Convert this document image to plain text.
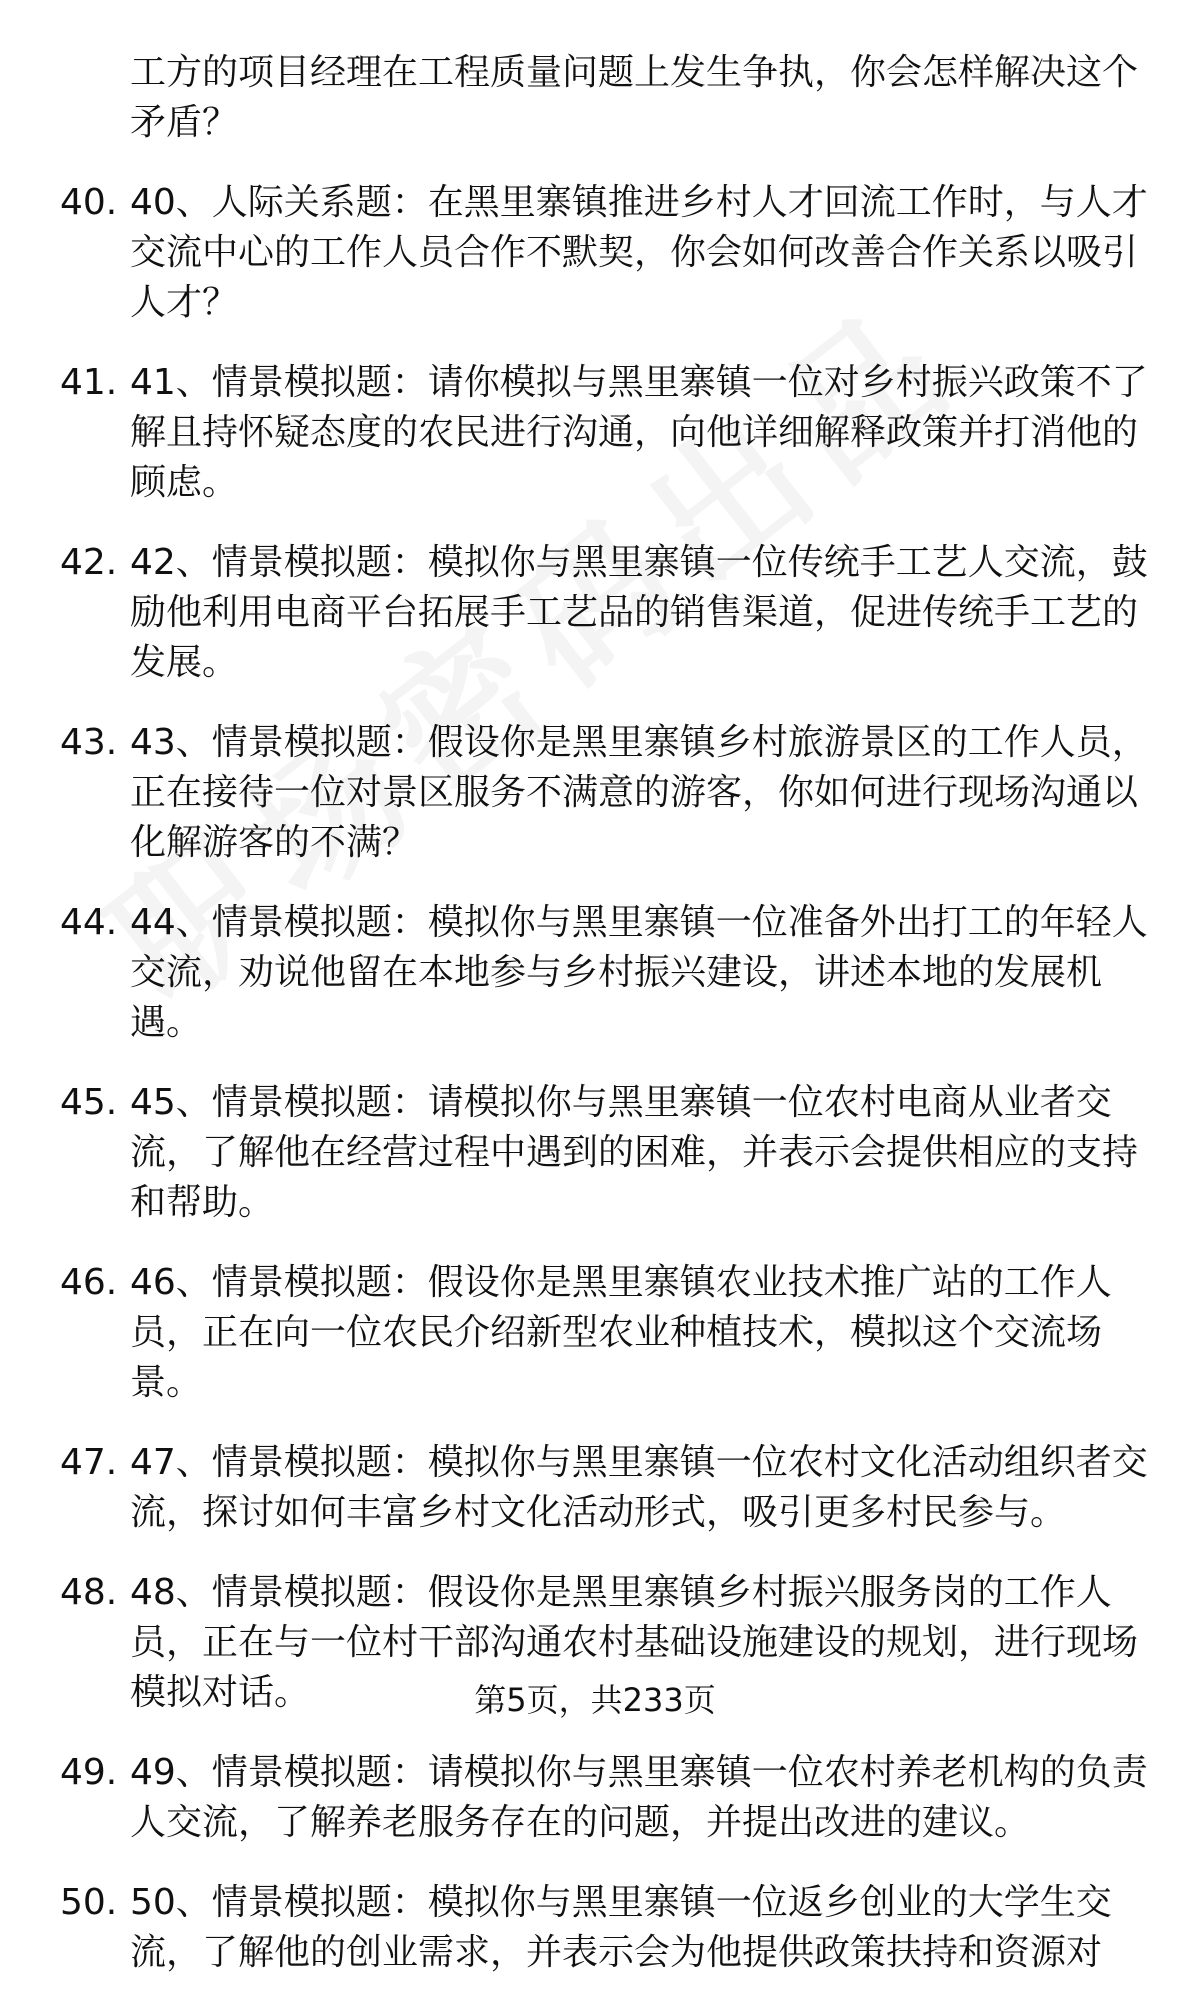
工方的项目经理在工程质量问题上发生争执，你会怎样解决这个矛盾？
40. 40、人际关系题：在黑里寨镇推进乡村人才回流工作时，与人才交流中心的工作人员合作不默契，你会如何改善合作关系以吸引人才？
41. 41、情景模拟题：请你模拟与黑里寨镇一位对乡村振兴政策不了解且持怀疑态度的农民进行沟通，向他详细解释政策并打消他的顾虑。
42. 42、情景模拟题：模拟你与黑里寨镇一位传统手工艺人交流，鼓励他利用电商平台拓展手工艺品的销售渠道，促进传统手工艺的发展。
43. 43、情景模拟题：假设你是黑里寨镇乡村旅游景区的工作人员，正在接待一位对景区服务不满意的游客，你如何进行现场沟通以化解游客的不满？
44. 44、情景模拟题：模拟你与黑里寨镇一位准备外出打工的年轻人交流，劝说他留在本地参与乡村振兴建设，讲述本地的发展机遇。
45. 45、情景模拟题：请模拟你与黑里寨镇一位农村电商从业者交流，了解他在经营过程中遇到的困难，并表示会提供相应的支持和帮助。
46. 46、情景模拟题：假设你是黑里寨镇农业技术推广站的工作人员，正在向一位农民介绍新型农业种植技术，模拟这个交流场景。
47. 47、情景模拟题：模拟你与黑里寨镇一位农村文化活动组织者交流，探讨如何丰富乡村文化活动形式，吸引更多村民参与。
48. 48、情景模拟题：假设你是黑里寨镇乡村振兴服务岗的工作人员，正在与一位村干部沟通农村基础设施建设的规划，进行现场模拟对话。
49. 49、情景模拟题：请模拟你与黑里寨镇一位农村养老机构的负责人交流，了解养老服务存在的问题，并提出改进的建议。
50. 50、情景模拟题：模拟你与黑里寨镇一位返乡创业的大学生交流，了解他的创业需求，并表示会为他提供政策扶持和资源对
第5页，共233页
